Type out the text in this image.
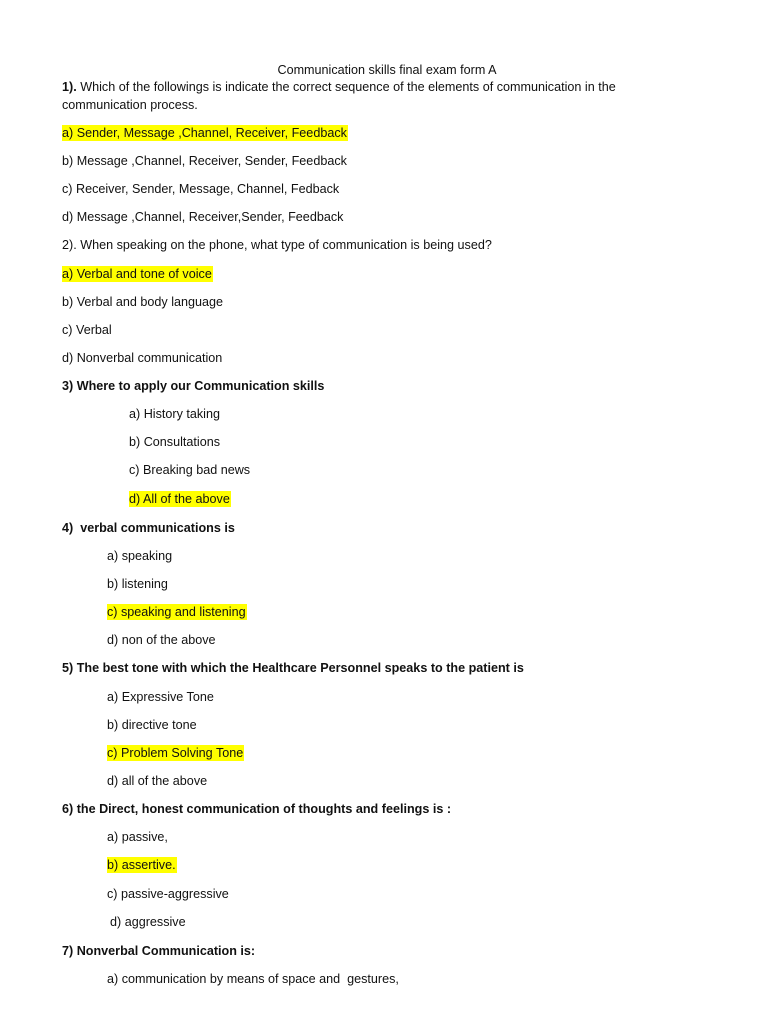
Communication skills final exam form A
1). Which of the followings is indicate the correct sequence of the elements of communication in the communication process.
a) Sender, Message ,Channel, Receiver, Feedback
b) Message ,Channel, Receiver, Sender, Feedback
c) Receiver, Sender, Message, Channel, Fedback
d) Message ,Channel, Receiver,Sender, Feedback
2). When speaking on the phone, what type of communication is being used?
a) Verbal and tone of voice
b) Verbal and body language
c) Verbal
d) Nonverbal communication
3) Where to apply our Communication skills
a) History taking
b) Consultations
c) Breaking bad news
d) All of the above
4)  verbal communications is
a) speaking
b) listening
c) speaking and listening
d) non of the above
5) The best tone with which the Healthcare Personnel speaks to the patient is
a) Expressive Tone
b) directive tone
c) Problem Solving Tone
d) all of the above
6) the Direct, honest communication of thoughts and feelings is :
a) passive,
b) assertive.
c) passive-aggressive
d) aggressive
7) Nonverbal Communication is:
a) communication by means of space and  gestures,
